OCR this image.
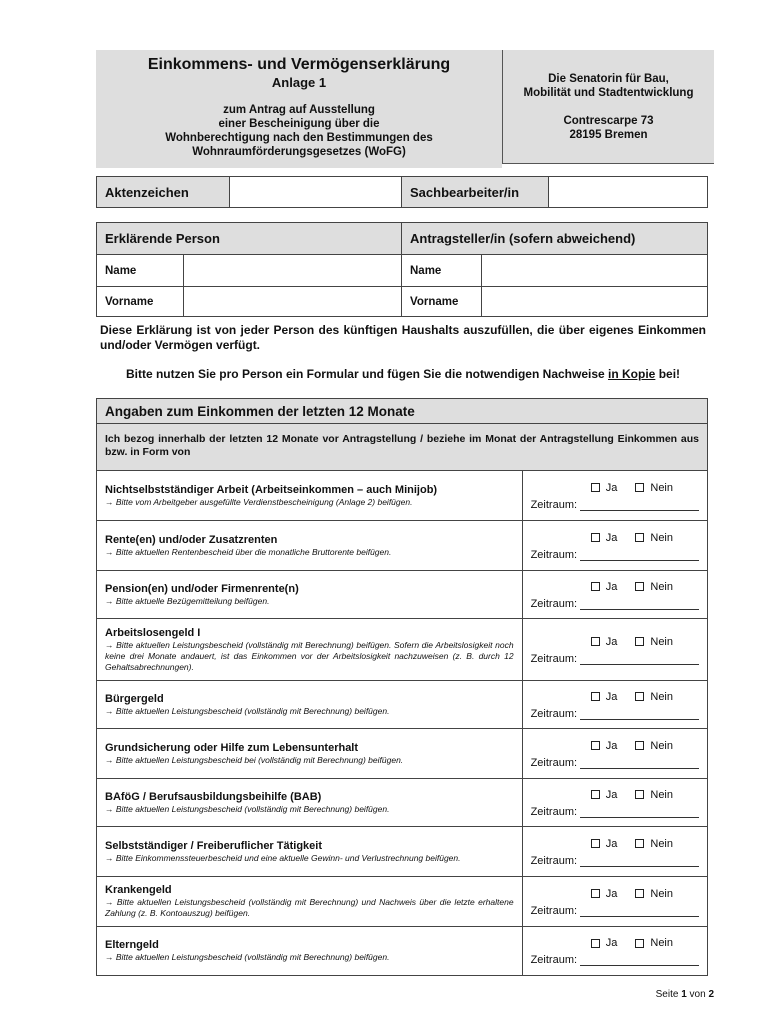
Einkommens- und Vermögenserklärung
Anlage 1
zum Antrag auf Ausstellung
einer Bescheinigung über die
Wohnberechtigung nach den Bestimmungen des
Wohnraumförderungsgesetzes (WoFG)
Die Senatorin für Bau,
Mobilität und Stadtentwicklung
Contrescarpe 73
28195 Bremen
Aktenzeichen		Sachbearbeiter/in	
Erklärende Person		Antragsteller/in (sofern abweichend)	
Name		Name	
Vorname		Vorname	
Diese Erklärung ist von jeder Person des künftigen Haushalts auszufüllen, die über eigenes Einkommen und/oder Vermögen verfügt.
Bitte nutzen Sie pro Person ein Formular und fügen Sie die notwendigen Nachweise in Kopie bei!
Angaben zum Einkommen der letzten 12 Monate
Ich bezog innerhalb der letzten 12 Monate vor Antragstellung / beziehe im Monat der Antragstellung Einkommen aus bzw. in Form von
Nichtselbstständiger Arbeit (Arbeitseinkommen – auch Minijob)
→ Bitte vom Arbeitgeber ausgefüllte Verdienstbescheinigung (Anlage 2) beifügen.
Ja	Nein
Zeitraum:
Rente(en) und/oder Zusatzrenten
→ Bitte aktuellen Rentenbescheid über die monatliche Bruttorente beifügen.
Ja	Nein
Zeitraum:
Pension(en) und/oder Firmenrente(n)
→ Bitte aktuelle Bezügemitteilung beifügen.
Ja	Nein
Zeitraum:
Arbeitslosengeld I
→ Bitte aktuellen Leistungsbescheid (vollständig mit Berechnung) beifügen. Sofern die Arbeitslosigkeit noch keine drei Monate andauert, ist das Einkommen vor der Arbeitslosigkeit nachzuweisen (z. B. durch 12 Gehaltsabrechnungen).
Ja	Nein
Zeitraum:
Bürgergeld
→ Bitte aktuellen Leistungsbescheid (vollständig mit Berechnung) beifügen.
Ja	Nein
Zeitraum:
Grundsicherung oder Hilfe zum Lebensunterhalt
→ Bitte aktuellen Leistungsbescheid bei (vollständig mit Berechnung) beifügen.
Ja	Nein
Zeitraum:
BAföG / Berufsausbildungsbeihilfe (BAB)
→ Bitte aktuellen Leistungsbescheid (vollständig mit Berechnung) beifügen.
Ja	Nein
Zeitraum:
Selbstständiger / Freiberuflicher Tätigkeit
→ Bitte Einkommenssteuerbescheid und eine aktuelle Gewinn- und Verlustrechnung beifügen.
Ja	Nein
Zeitraum:
Krankengeld
→ Bitte aktuellen Leistungsbescheid (vollständig mit Berechnung) und Nachweis über die letzte erhaltene Zahlung (z. B. Kontoauszug) beifügen.
Ja	Nein
Zeitraum:
Elterngeld
→ Bitte aktuellen Leistungsbescheid (vollständig mit Berechnung) beifügen.
Ja	Nein
Zeitraum:
Seite 1 von 2
